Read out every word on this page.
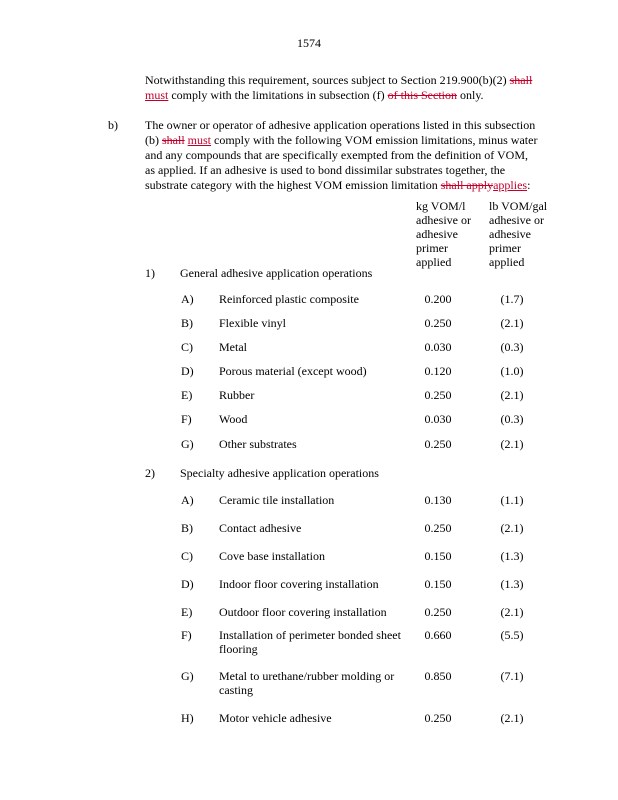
1574
Notwithstanding this requirement, sources subject to Section 219.900(b)(2) shall
must comply with the limitations in subsection (f) of this Section only.
b) The owner or operator of adhesive application operations listed in this subsection
(b) shall must comply with the following VOM emission limitations, minus water
and any compounds that are specifically exempted from the definition of VOM,
as applied. If an adhesive is used to bond dissimilar substrates together, the
substrate category with the highest VOM emission limitation shall applyapplies:
kg VOM/l
adhesive or
adhesive
primer
applied
lb VOM/gal
adhesive or
adhesive
primer
applied
1) General adhesive application operations
2) Specialty adhesive application operations
A)	Reinforced plastic composite	0.200	(1.7)
B)	Flexible vinyl	0.250	(2.1)
C)	Metal	0.030	(0.3)
D)	Porous material (except wood)	0.120	(1.0)
E)	Rubber	0.250	(2.1)
F)	Wood	0.030	(0.3)
G)	Other substrates	0.250	(2.1)
A)	Ceramic tile installation	0.130	(1.1)
B)	Contact adhesive	0.250	(2.1)
C)	Cove base installation	0.150	(1.3)
D)	Indoor floor covering installation	0.150	(1.3)
E)	Outdoor floor covering installation	0.250	(2.1)
F)	Installation of perimeter bonded sheet
flooring
0.660	(5.5)
G)	Metal to urethane/rubber molding or
casting
0.850	(7.1)
H)	Motor vehicle adhesive	0.250	(2.1)
